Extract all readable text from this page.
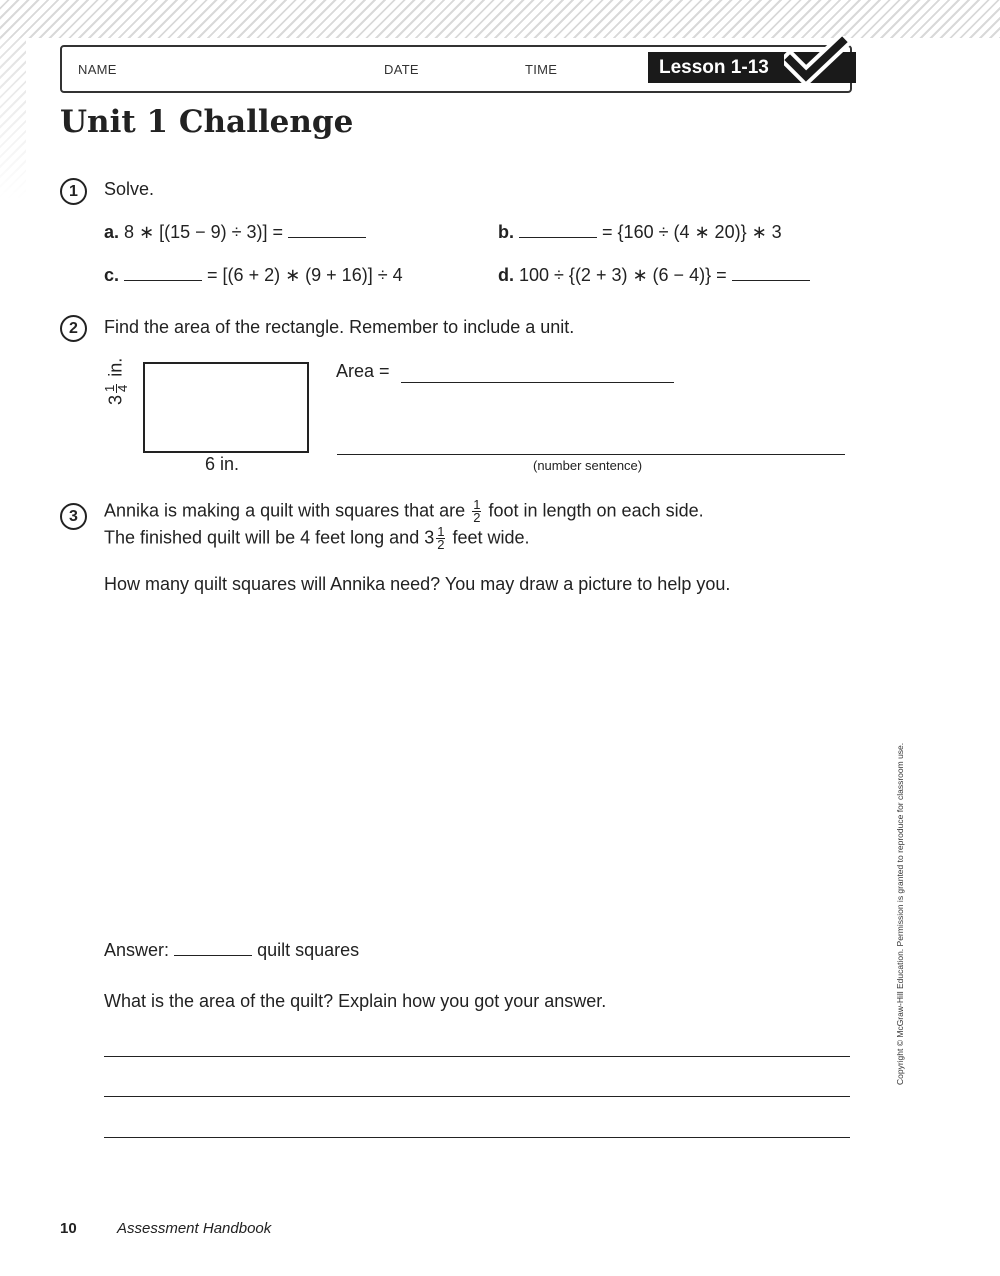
NAME	DATE	TIME	Lesson 1-13
Unit 1 Challenge
1	Solve.
a. 8 ∗ [(15 − 9) ÷ 3)] =	b.	= {160 ÷ (4 ∗ 20)} ∗ 3
c.	= [(6 + 2) ∗ (9 + 16)] ÷ 4	d. 100 ÷ {(2 + 3) ∗ (6 − 4)} =
2	Find the area of the rectangle. Remember to include a unit.
3
1
4
in.
6 in.
Area =
(number sentence)
3	Annika is making a quilt with squares that are $\frac{1}{2}$ foot in length on each side.
The finished quilt will be 4 feet long and $3 \frac{1}{2}$ feet wide.
How many quilt squares will Annika need? You may draw a picture to help you.
Answer:	quilt squares
What is the area of the quilt? Explain how you got your answer.	Copyright © McGraw-Hill Education. Permission is granted to reproduce for classroom use.
10	Assessment Handbook
